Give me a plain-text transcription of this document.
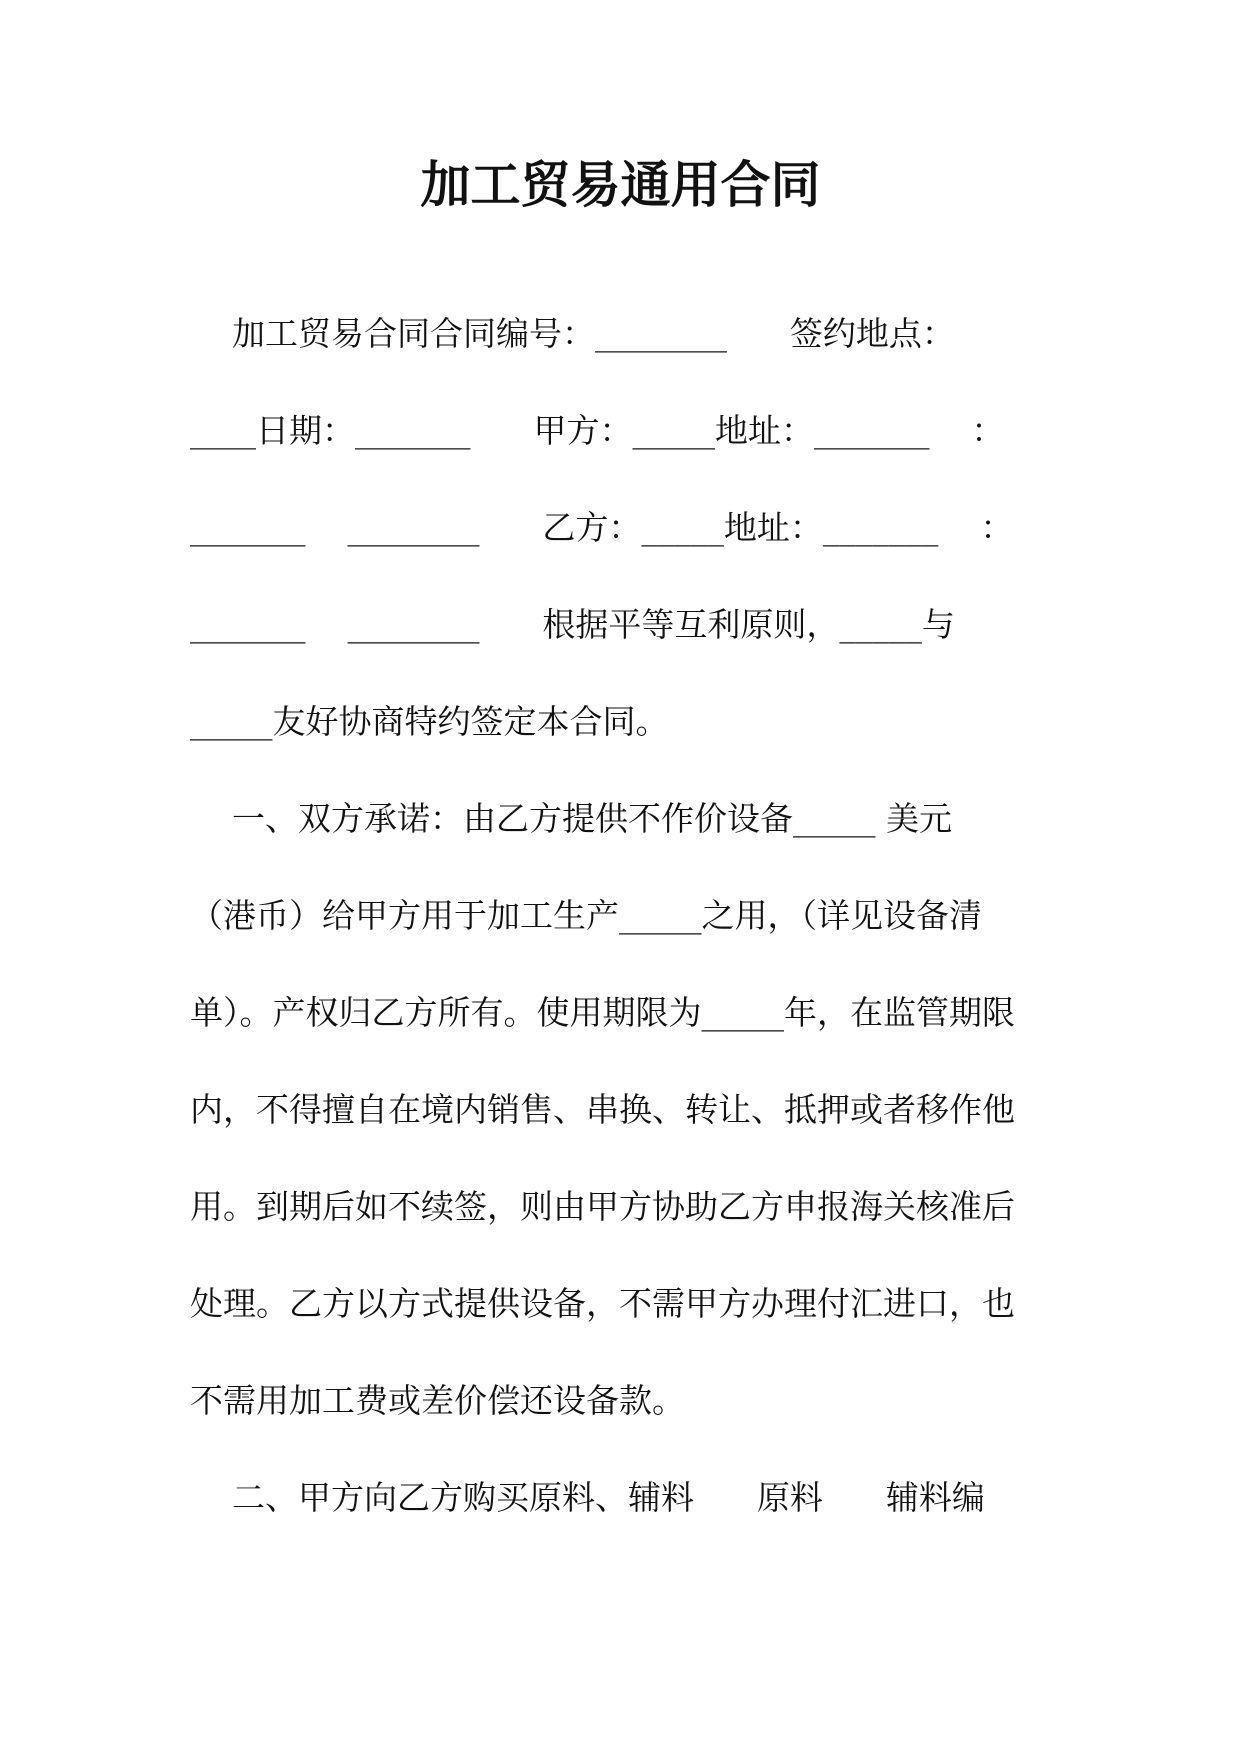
加工贸易通用合同
加工贸易合同合同编号：________      签约地点：
____日期：_______      甲方：_____地址：_______    ：
_______    ________      乙方：_____地址：_______    ：
_______    ________      根据平等互利原则，_____与
_____友好协商特约签定本合同。
一、双方承诺：由乙方提供不作价设备_____ 美元
（港币）给甲方用于加工生产_____之用，（详见设备清
单）。产权归乙方所有。使用期限为_____年，在监管期限
内，不得擅自在境内销售、串换、转让、抵押或者移作他
用。到期后如不续签，则由甲方协助乙方申报海关核准后
处理。乙方以方式提供设备，不需甲方办理付汇进口，也
不需用加工费或差价偿还设备款。
二、甲方向乙方购买原料、辅料      原料      辅料编
